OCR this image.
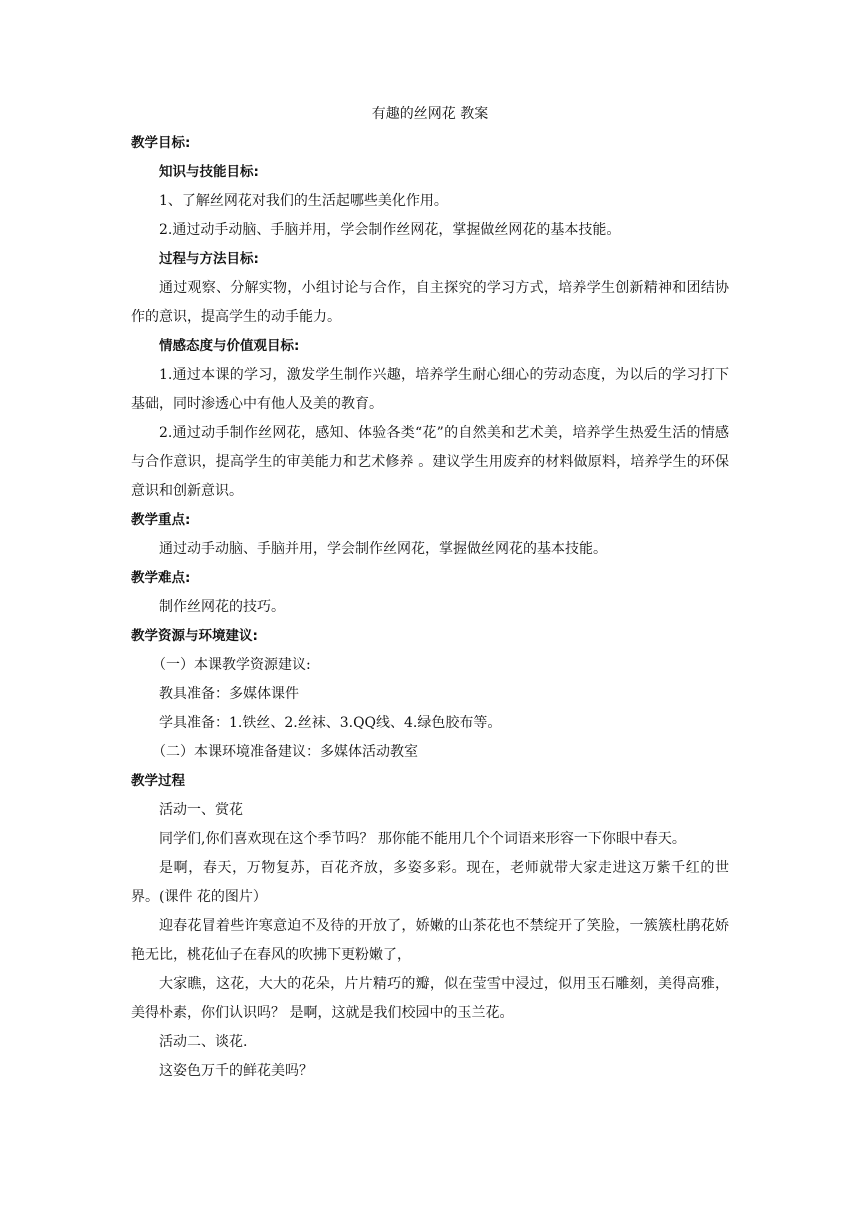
有趣的丝网花 教案

教学目标:

知识与技能目标:

1、了解丝网花对我们的生活起哪些美化作用。

2.通过动手动脑、手脑并用，学会制作丝网花，掌握做丝网花的基本技能。

过程与方法目标:

通过观察、分解实物，小组讨论与合作，自主探究的学习方式，培养学生创新精神和团结协作的意识，提高学生的动手能力。

情感态度与价值观目标:

1.通过本课的学习，激发学生制作兴趣，培养学生耐心细心的劳动态度，为以后的学习打下基础，同时渗透心中有他人及美的教育。

2.通过动手制作丝网花，感知、体验各类“花”的自然美和艺术美，培养学生热爱生活的情感与合作意识，提高学生的审美能力和艺术修养 。建议学生用废弃的材料做原料，培养学生的环保意识和创新意识。

教学重点:

通过动手动脑、手脑并用，学会制作丝网花，掌握做丝网花的基本技能。

教学难点:

制作丝网花的技巧。

教学资源与环境建议:

（一）本课教学资源建议:

教具准备：多媒体课件

学具准备：1.铁丝、2.丝袜、3.QQ线、4.绿色胶布等。

（二）本课环境准备建议：多媒体活动教室

教学过程

活动一、赏花

同学们,你们喜欢现在这个季节吗？ 那你能不能用几个个词语来形容一下你眼中春天。

是啊，春天，万物复苏，百花齐放，多姿多彩。现在，老师就带大家走进这万紫千红的世界。(课件 花的图片）

迎春花冒着些许寒意迫不及待的开放了，娇嫩的山茶花也不禁绽开了笑脸，一簇簇杜鹃花娇艳无比，桃花仙子在春风的吹拂下更粉嫩了，

大家瞧，这花，大大的花朵，片片精巧的瓣，似在莹雪中浸过，似用玉石雕刻，美得高雅，美得朴素，你们认识吗？ 是啊，这就是我们校园中的玉兰花。

活动二、谈花.

这姿色万千的鲜花美吗？
